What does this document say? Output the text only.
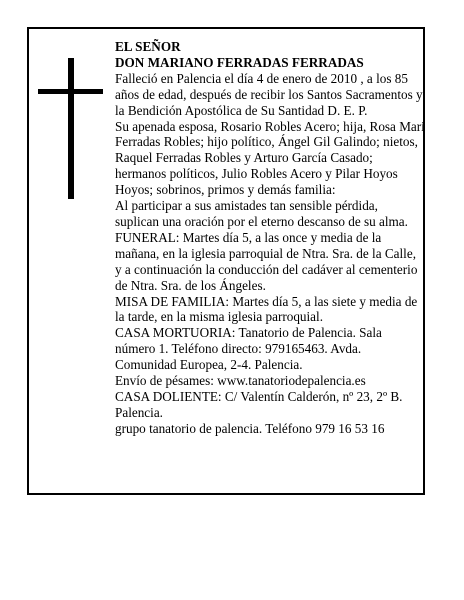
EL SEÑOR

DON MARIANO FERRADAS FERRADAS

Falleció en Palencia el día 4 de enero de 2010 , a los 85 años de edad, después de recibir los Santos Sacramentos y la Bendición Apostólica de Su Santidad D. E. P.

Su apenada esposa, Rosario Robles Acero; hija, Rosa Mari Ferradas Robles; hijo político, Ángel Gil Galindo; nietos, Raquel Ferradas Robles y Arturo García Casado; hermanos políticos, Julio Robles Acero y Pilar Hoyos Hoyos; sobrinos, primos y demás familia:

Al participar a sus amistades tan sensible pérdida, suplican una oración por el eterno descanso de su alma.

FUNERAL: Martes día 5, a las once y media de la mañana, en la iglesia parroquial de Ntra. Sra. de la Calle, y a continuación la conducción del cadáver al cementerio de Ntra. Sra. de los Ángeles.

MISA DE FAMILIA: Martes día 5, a las siete y media de la tarde, en la misma iglesia parroquial.

CASA MORTUORIA: Tanatorio de Palencia. Sala número 1. Teléfono directo: 979165463. Avda. Comunidad Europea, 2-4. Palencia.

Envío de pésames: www.tanatoriodepalencia.es

CASA DOLIENTE: C/ Valentín Calderón, nº 23, 2º B. Palencia.

grupo tanatorio de palencia. Teléfono 979 16 53 16
